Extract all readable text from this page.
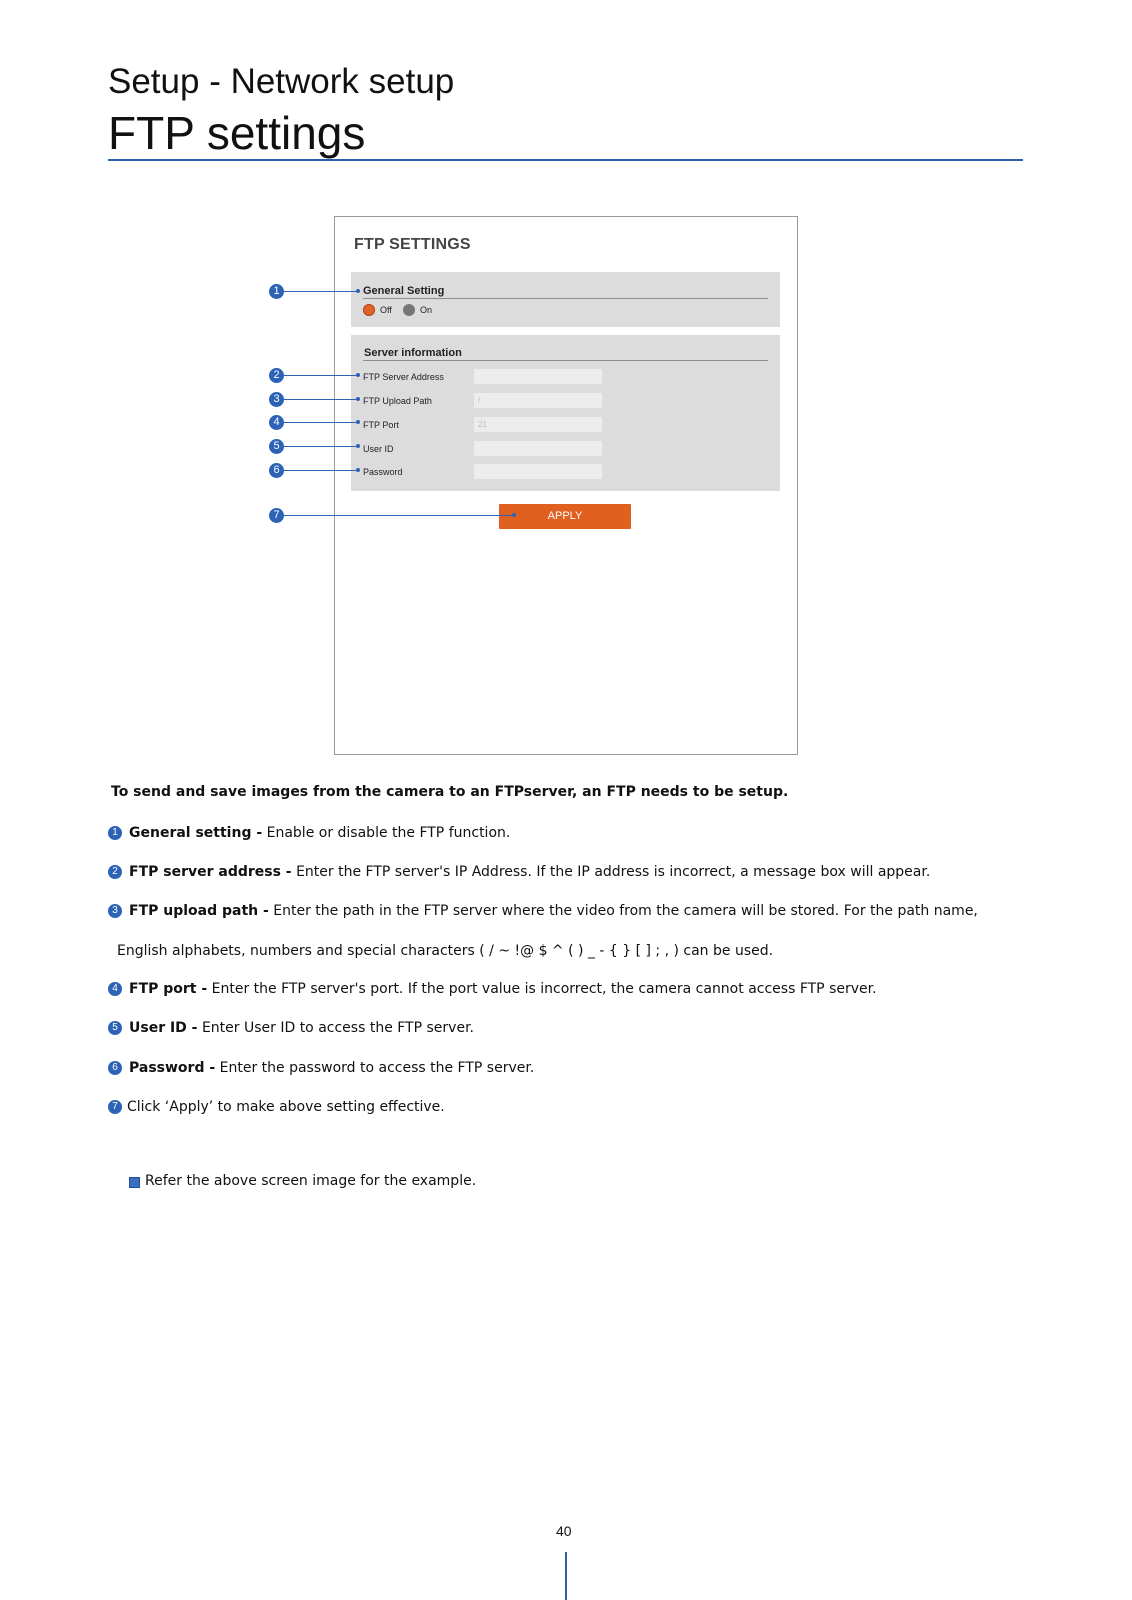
Setup - Network setup
FTP settings
FTP SETTINGS
General Setting
Off	On
Server information
FTP Server Address
FTP Upload Path
/
FTP Port
21
User ID
Password
APPLY
1
2
3
4
5
6
7
To send and save images from the camera to an FTPserver, an FTP needs to be setup.
1 General setting - Enable or disable the FTP function.
2 FTP server address - Enter the FTP server's IP Address. If the IP address is incorrect, a message box will appear.
3 FTP upload path - Enter the path in the FTP server where the video from the camera will be stored. For the path name,
English alphabets, numbers and special characters ( / ~ !@ $ ^ ( ) _ - { } [ ] ; , ) can be used.
4 FTP port - Enter the FTP server's port. If the port value is incorrect, the camera cannot access FTP server.
5 User ID - Enter User ID to access the FTP server.
6 Password - Enter the password to access the FTP server.
7 Click ‘Apply’ to make above setting effective.
Refer the above screen image for the example.
40
